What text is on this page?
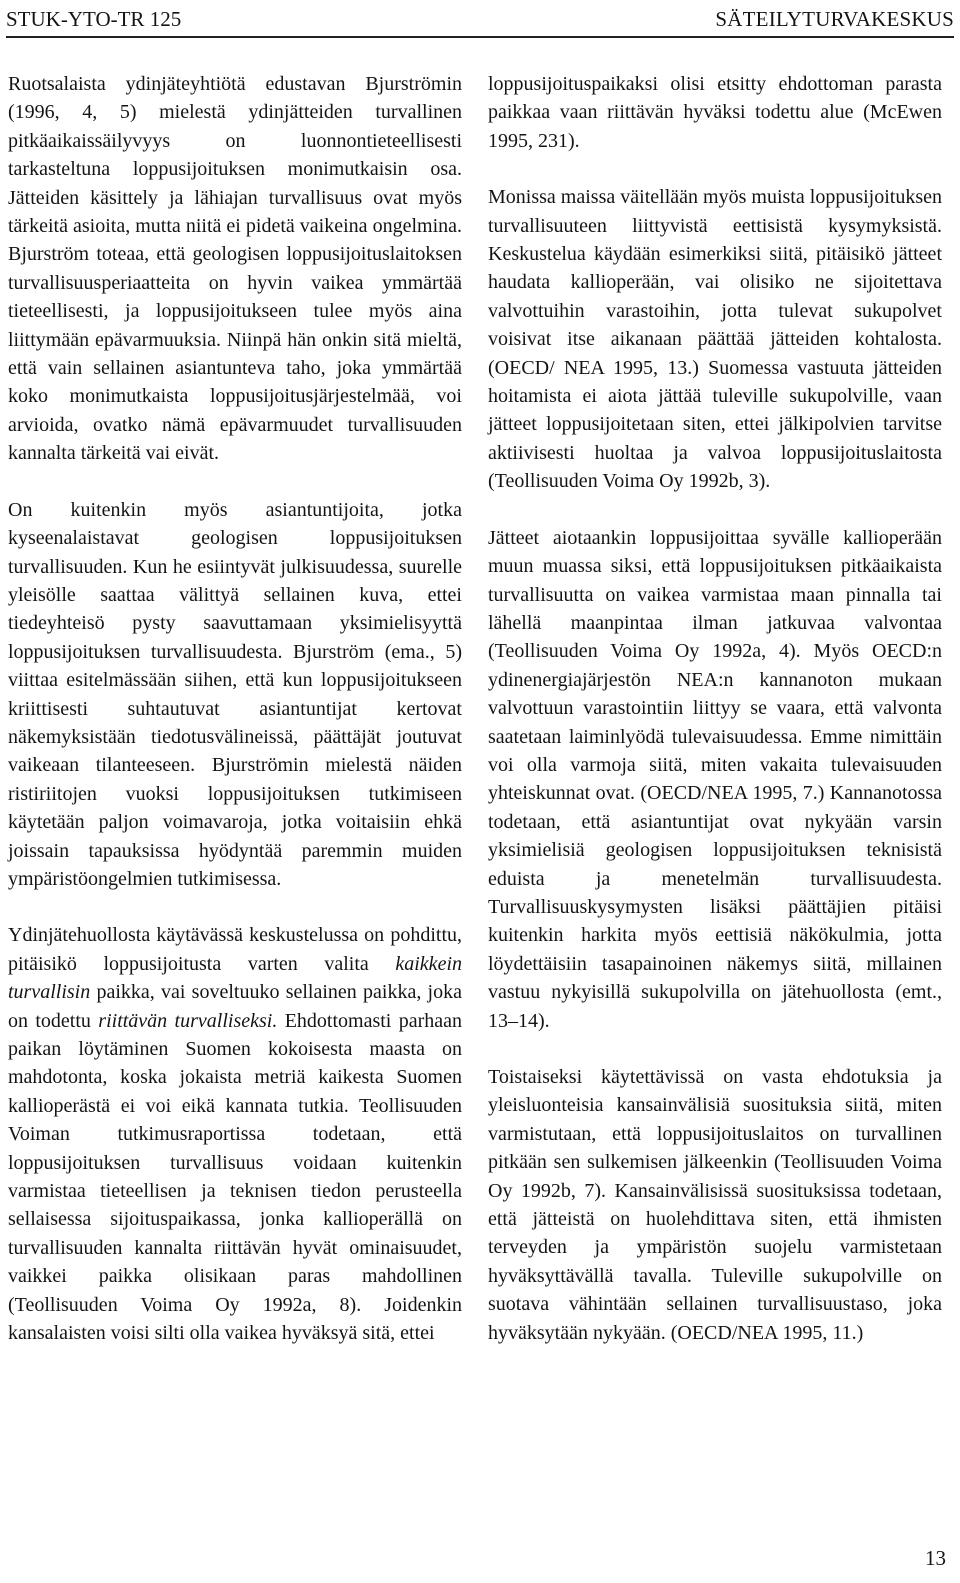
STUK-YTO-TR 125	SÄTEILYTURVAKESKUS

Ruotsalaista ydinjäteyhtiötä edustavan Bjurströmin (1996, 4, 5) mielestä ydinjätteiden turvallinen pitkäaikaissäilyvyys on luonnontieteellisesti tarkasteltuna loppusijoituksen monimutkaisin osa. Jätteiden käsittely ja lähiajan turvallisuus ovat myös tärkeitä asioita, mutta niitä ei pidetä vaikeina ongelmina. Bjurström toteaa, että geologisen loppusijoituslaitoksen turvallisuusperiaatteita on hyvin vaikea ymmärtää tieteellisesti, ja loppusijoitukseen tulee myös aina liittymään epävarmuuksia. Niinpä hän onkin sitä mieltä, että vain sellainen asiantunteva taho, joka ymmärtää koko monimutkaista loppusijoitusjärjestelmää, voi arvioida, ovatko nämä epävarmuudet turvallisuuden kannalta tärkeitä vai eivät.

On kuitenkin myös asiantuntijoita, jotka kyseenalaistavat geologisen loppusijoituksen turvallisuuden. Kun he esiintyvät julkisuudessa, suurelle yleisölle saattaa välittyä sellainen kuva, ettei tiedeyhteisö pysty saavuttamaan yksimielisyyttä loppusijoituksen turvallisuudesta. Bjurström (ema., 5) viittaa esitelmässään siihen, että kun loppusijoitukseen kriittisesti suhtautuvat asiantuntijat kertovat näkemyksistään tiedotusvälineissä, päättäjät joutuvat vaikeaan tilanteeseen. Bjurströmin mielestä näiden ristiriitojen vuoksi loppusijoituksen tutkimiseen käytetään paljon voimavaroja, jotka voitaisiin ehkä joissain tapauksissa hyödyntää paremmin muiden ympäristöongelmien tutkimisessa.

Ydinjätehuollosta käytävässä keskustelussa on pohdittu, pitäisikö loppusijoitusta varten valita kaikkein turvallisin paikka, vai soveltuuko sellainen paikka, joka on todettu riittävän turvalliseksi. Ehdottomasti parhaan paikan löytäminen Suomen kokoisesta maasta on mahdotonta, koska jokaista metriä kaikesta Suomen kallioperästä ei voi eikä kannata tutkia. Teollisuuden Voiman tutkimusraportissa todetaan, että loppusijoituksen turvallisuus voidaan kuitenkin varmistaa tieteellisen ja teknisen tiedon perusteella sellaisessa sijoituspaikassa, jonka kallioperällä on turvallisuuden kannalta riittävän hyvät ominaisuudet, vaikkei paikka olisikaan paras mahdollinen (Teollisuuden Voima Oy 1992a, 8). Joidenkin kansalaisten voisi silti olla vaikea hyväksyä sitä, ettei

loppusijoituspaikaksi olisi etsitty ehdottoman parasta paikkaa vaan riittävän hyväksi todettu alue (McEwen 1995, 231).

Monissa maissa väitellään myös muista loppusijoituksen turvallisuuteen liittyvistä eettisistä kysymyksistä. Keskustelua käydään esimerkiksi siitä, pitäisikö jätteet haudata kallioperään, vai olisiko ne sijoitettava valvottuihin varastoihin, jotta tulevat sukupolvet voisivat itse aikanaan päättää jätteiden kohtalosta. (OECD/ NEA 1995, 13.) Suomessa vastuuta jätteiden hoitamista ei aiota jättää tuleville sukupolville, vaan jätteet loppusijoitetaan siten, ettei jälkipolvien tarvitse aktiivisesti huoltaa ja valvoa loppusijoituslaitosta (Teollisuuden Voima Oy 1992b, 3).

Jätteet aiotaankin loppusijoittaa syvälle kallioperään muun muassa siksi, että loppusijoituksen pitkäaikaista turvallisuutta on vaikea varmistaa maan pinnalla tai lähellä maanpintaa ilman jatkuvaa valvontaa (Teollisuuden Voima Oy 1992a, 4). Myös OECD:n ydinenergiajärjestön NEA:n kannanoton mukaan valvottuun varastointiin liittyy se vaara, että valvonta saatetaan laiminlyödä tulevaisuudessa. Emme nimittäin voi olla varmoja siitä, miten vakaita tulevaisuuden yhteiskunnat ovat. (OECD/NEA 1995, 7.) Kannanotossa todetaan, että asiantuntijat ovat nykyään varsin yksimielisiä geologisen loppusijoituksen teknisistä eduista ja menetelmän turvallisuudesta. Turvallisuuskysymysten lisäksi päättäjien pitäisi kuitenkin harkita myös eettisiä näkökulmia, jotta löydettäisiin tasapainoinen näkemys siitä, millainen vastuu nykyisillä sukupolvilla on jätehuollosta (emt., 13–14).

Toistaiseksi käytettävissä on vasta ehdotuksia ja yleisluonteisia kansainvälisiä suosituksia siitä, miten varmistutaan, että loppusijoituslaitos on turvallinen pitkään sen sulkemisen jälkeenkin (Teollisuuden Voima Oy 1992b, 7). Kansainvälisissä suosituksissa todetaan, että jätteistä on huolehdittava siten, että ihmisten terveyden ja ympäristön suojelu varmistetaan hyväksyttävällä tavalla. Tuleville sukupolville on suotava vähintään sellainen turvallisuustaso, joka hyväksytään nykyään. (OECD/NEA 1995, 11.)

13
